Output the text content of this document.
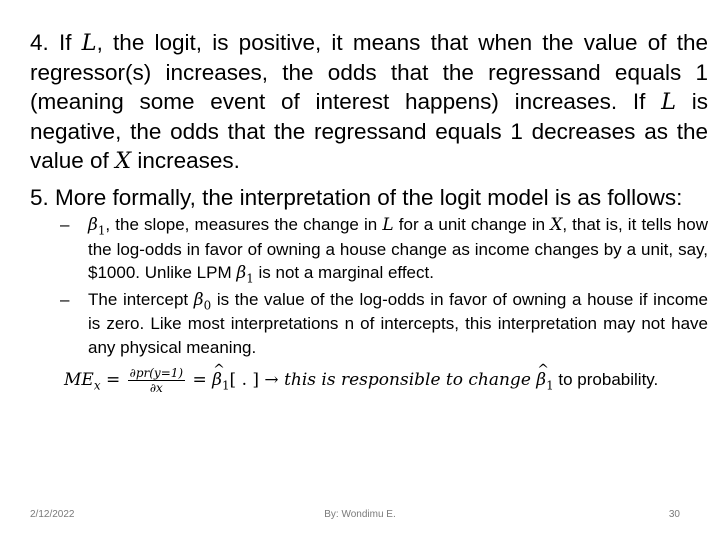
4. If L, the logit, is positive, it means that when the value of the regressor(s) increases, the odds that the regressand equals 1 (meaning some event of interest happens) increases. If L is negative, the odds that the regressand equals 1 decreases as the value of X increases.

5. More formally, the interpretation of the logit model is as follows:

– $\beta_1$, the slope, measures the change in L for a unit change in X, that is, it tells how the log-odds in favor of owning a house change as income changes by a unit, say, $1000. Unlike LPM $\beta_1$ is not a marginal effect.
– The intercept $\beta_0$ is the value of the log-odds in favor of owning a house if income is zero. Like most interpretations n of intercepts, this interpretation may not have any physical meaning.
$ME_x = \frac{\partial pr(y=1)}{\partial x}$ = ^ $\beta_1$[ . ] → this is responsible to change ^ $\beta_1$ to probability.
2/12/2022	By: Wondimu E.	30
